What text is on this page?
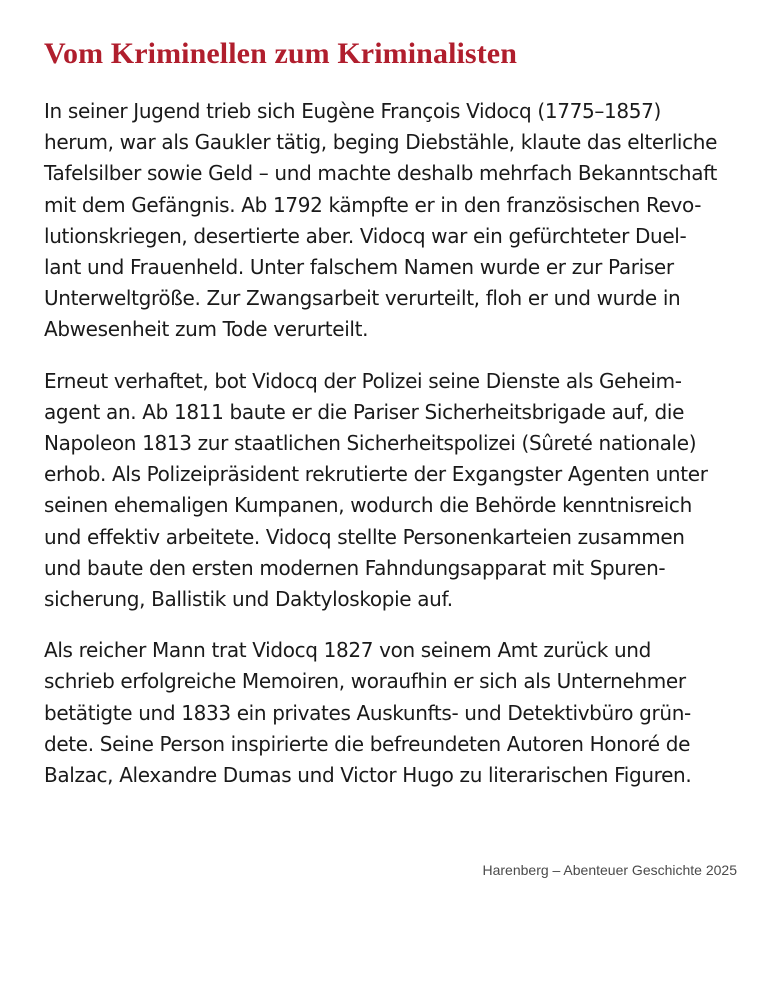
Vom Kriminellen zum Kriminalisten

In seiner Jugend trieb sich Eugène François Vidocq (1775–1857)
herum, war als Gaukler tätig, beging Diebstähle, klaute das elterliche
Tafelsilber sowie Geld – und machte deshalb mehrfach Bekanntschaft
mit dem Gefängnis. Ab 1792 kämpfte er in den französischen Revo-
lutionskriegen, desertierte aber. Vidocq war ein gefürchteter Duel-
lant und Frauenheld. Unter falschem Namen wurde er zur Pariser
Unterweltgröße. Zur Zwangsarbeit verurteilt, floh er und wurde in
Abwesenheit zum Tode verurteilt.

Erneut verhaftet, bot Vidocq der Polizei seine Dienste als Geheim-
agent an. Ab 1811 baute er die Pariser Sicherheitsbrigade auf, die
Napoleon 1813 zur staatlichen Sicherheitspolizei (Sûreté nationale)
erhob. Als Polizeipräsident rekrutierte der Exgangster Agenten unter
seinen ehemaligen Kumpanen, wodurch die Behörde kenntnisreich
und effektiv arbeitete. Vidocq stellte Personenkarteien zusammen
und baute den ersten modernen Fahndungsapparat mit Spuren-
sicherung, Ballistik und Daktyloskopie auf.

Als reicher Mann trat Vidocq 1827 von seinem Amt zurück und
schrieb erfolgreiche Memoiren, woraufhin er sich als Unternehmer
betätigte und 1833 ein privates Auskunfts- und Detektivbüro grün-
dete. Seine Person inspirierte die befreundeten Autoren Honoré de
Balzac, Alexandre Dumas und Victor Hugo zu literarischen Figuren.

Harenberg – Abenteuer Geschichte 2025
